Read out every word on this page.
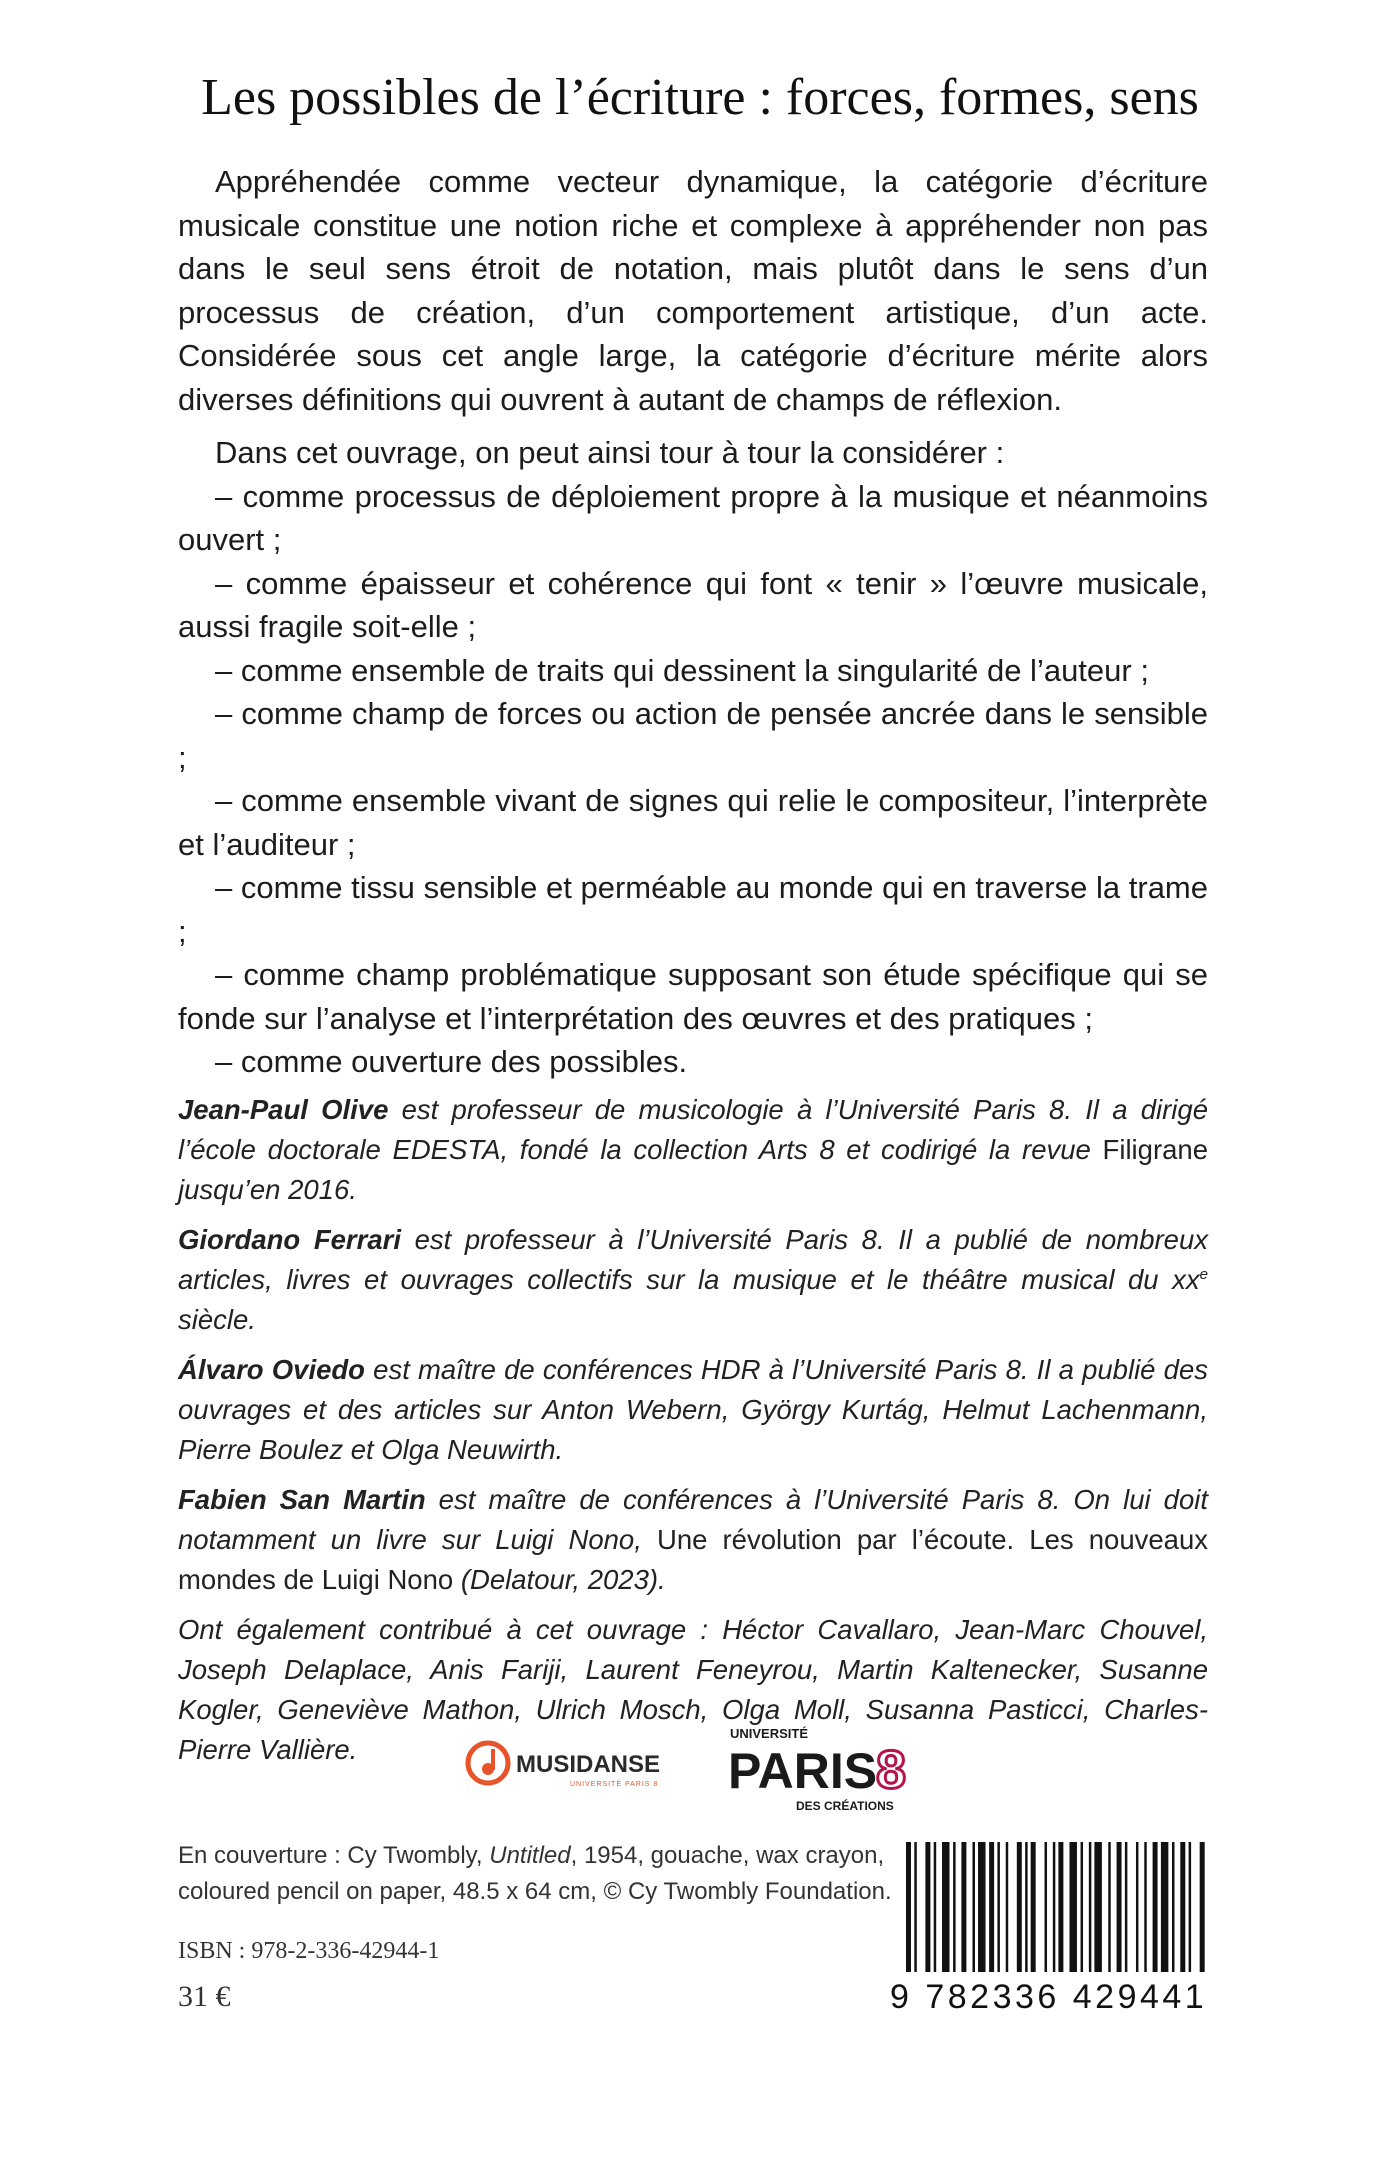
Les possibles de l’écriture : forces, formes, sens

Appréhendée comme vecteur dynamique, la catégorie d’écriture musicale constitue une notion riche et complexe à appréhender non pas dans le seul sens étroit de notation, mais plutôt dans le sens d’un processus de création, d’un comportement artistique, d’un acte. Considérée sous cet angle large, la catégorie d’écriture mérite alors diverses définitions qui ouvrent à autant de champs de réflexion.

Dans cet ouvrage, on peut ainsi tour à tour la considérer :

– comme processus de déploiement propre à la musique et néanmoins ouvert ;

– comme épaisseur et cohérence qui font « tenir » l’œuvre musicale, aussi fragile soit-elle ;

– comme ensemble de traits qui dessinent la singularité de l’auteur ;

– comme champ de forces ou action de pensée ancrée dans le sensible ;

– comme ensemble vivant de signes qui relie le compositeur, l’interprète et l’auditeur ;

– comme tissu sensible et perméable au monde qui en traverse la trame ;

– comme champ problématique supposant son étude spécifique qui se fonde sur l’analyse et l’interprétation des œuvres et des pratiques ;

– comme ouverture des possibles.

Jean-Paul Olive est professeur de musicologie à l’Université Paris 8. Il a dirigé l’école doctorale EDESTA, fondé la collection Arts 8 et codirigé la revue Filigrane jusqu’en 2016.

Giordano Ferrari est professeur à l’Université Paris 8. Il a publié de nombreux articles, livres et ouvrages collectifs sur la musique et le théâtre musical du $xx^e$ siècle.

Álvaro Oviedo est maître de conférences HDR à l’Université Paris 8. Il a publié des ouvrages et des articles sur Anton Webern, György Kurtág, Helmut Lachenmann, Pierre Boulez et Olga Neuwirth.

Fabien San Martin est maître de conférences à l’Université Paris 8. On lui doit notamment un livre sur Luigi Nono, Une révolution par l’écoute. Les nouveaux mondes de Luigi Nono (Delatour, 2023).

Ont également contribué à cet ouvrage : Héctor Cavallaro, Jean-Marc Chouvel, Joseph Delaplace, Anis Fariji, Laurent Feneyrou, Martin Kaltenecker, Susanne Kogler, Geneviève Mathon, Ulrich Mosch, Olga Moll, Susanna Pasticci, Charles-Pierre Vallière.	MUSIDANSE
UNIVERSITÉ PARIS 8
UNIVERSITÉ
PARIS
8
DES CRÉATIONS
En couverture : Cy Twombly, Untitled, 1954, gouache, wax crayon, coloured pencil on paper, 48.5 x 64 cm, © Cy Twombly Foundation.
ISBN : 978-2-336-42944-1
31 €	9 782336 429441
